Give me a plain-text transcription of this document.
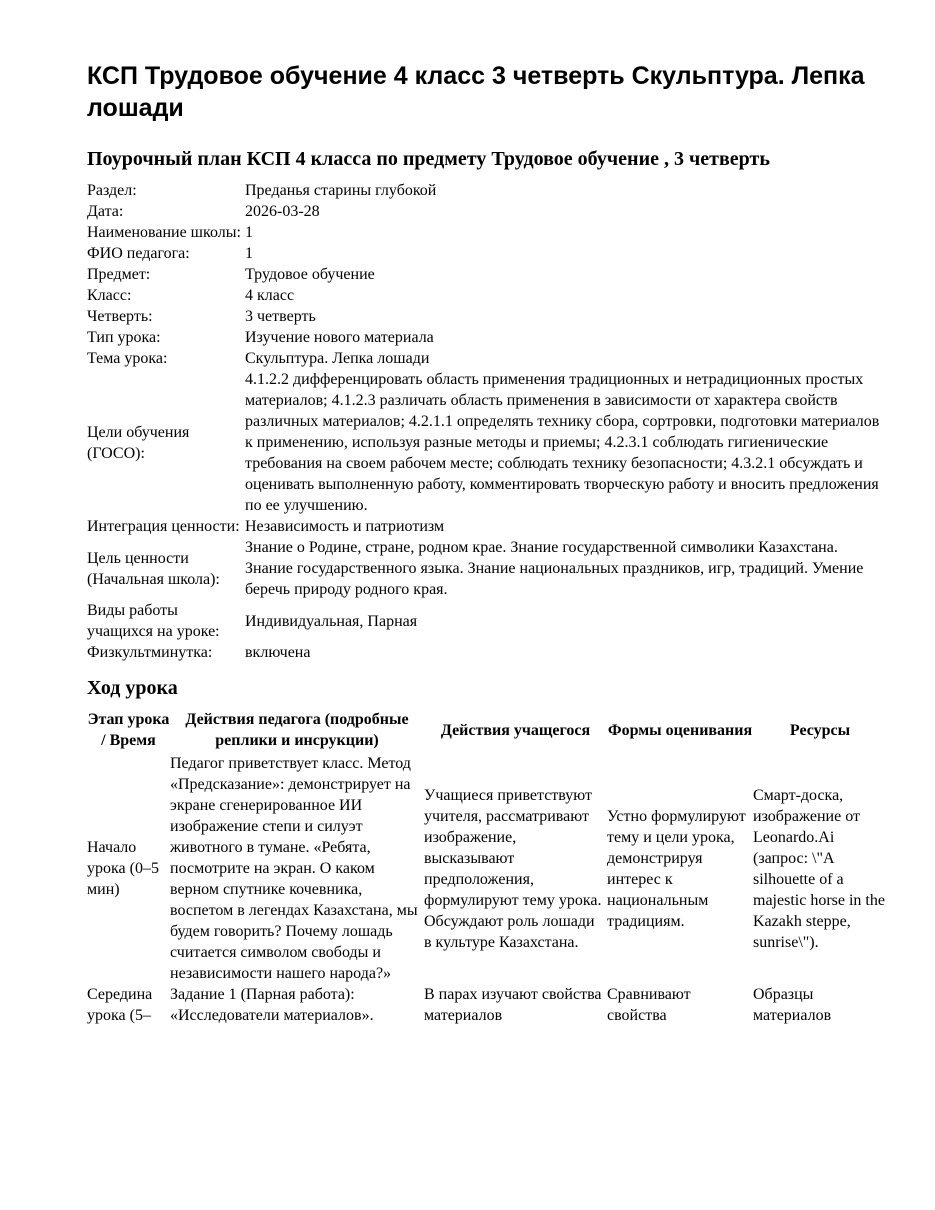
КСП Трудовое обучение 4 класс 3 четверть Скульптура. Лепка лошади
Поурочный план КСП 4 класса по предмету Трудовое обучение , 3 четверть
Раздел:	Преданья старины глубокой
Дата:	2026-03-28
Наименование школы:	1
ФИО педагога:	1
Предмет:	Трудовое обучение
Класс:	4 класс
Четверть:	3 четверть
Тип урока:	Изучение нового материала
Тема урока:	Скульптура. Лепка лошади
Цели обучения (ГОСО):	4.1.2.2 дифференцировать область применения традиционных и нетрадиционных простых материалов; 4.1.2.3 различать область применения в зависимости от характера свойств различных материалов; 4.2.1.1 определять технику сбора, сортровки, подготовки материалов к применению, используя разные методы и приемы; 4.2.3.1 соблюдать гигиенические требования на своем рабочем месте; соблюдать технику безопасности; 4.3.2.1 обсуждать и оценивать выполненную работу, комментировать творческую работу и вносить предложения по ее улучшению.
Интеграция ценности:	Независимость и патриотизм
Цель ценности (Начальная школа):	Знание о Родине, стране, родном крае. Знание государственной символики Казахстана. Знание государственного языка. Знание национальных праздников, игр, традиций. Умение беречь природу родного края.
Виды работы учащихся на уроке:	Индивидуальная, Парная
Физкультминутка:	включена
Ход урока
Этап урока / Время	Действия педагога (подробные реплики и инсрукции)	Действия учащегося	Формы оценивания	Ресурсы
Начало урока (0–5 мин)	Педагог приветствует класс. Метод «Предсказание»: демонстрирует на экране сгенерированное ИИ изображение степи и силуэт животного в тумане. «Ребята, посмотрите на экран. О каком верном спутнике кочевника, воспетом в легендах Казахстана, мы будем говорить? Почему лошадь считается символом свободы и независимости нашего народа?»	Учащиеся приветствуют учителя, рассматривают изображение, высказывают предположения, формулируют тему урока. Обсуждают роль лошади в культуре Казахстана.	Устно формулируют тему и цели урока, демонстрируя интерес к национальным традициям.	Смарт-доска, изображение от Leonardo.Ai (запрос: \"A silhouette of a majestic horse in the Kazakh steppe, sunrise\").
Середина урока (5–	Задание 1 (Парная работа): «Исследователи материалов».	В парах изучают свойства материалов	Сравнивают свойства	Образцы материалов
